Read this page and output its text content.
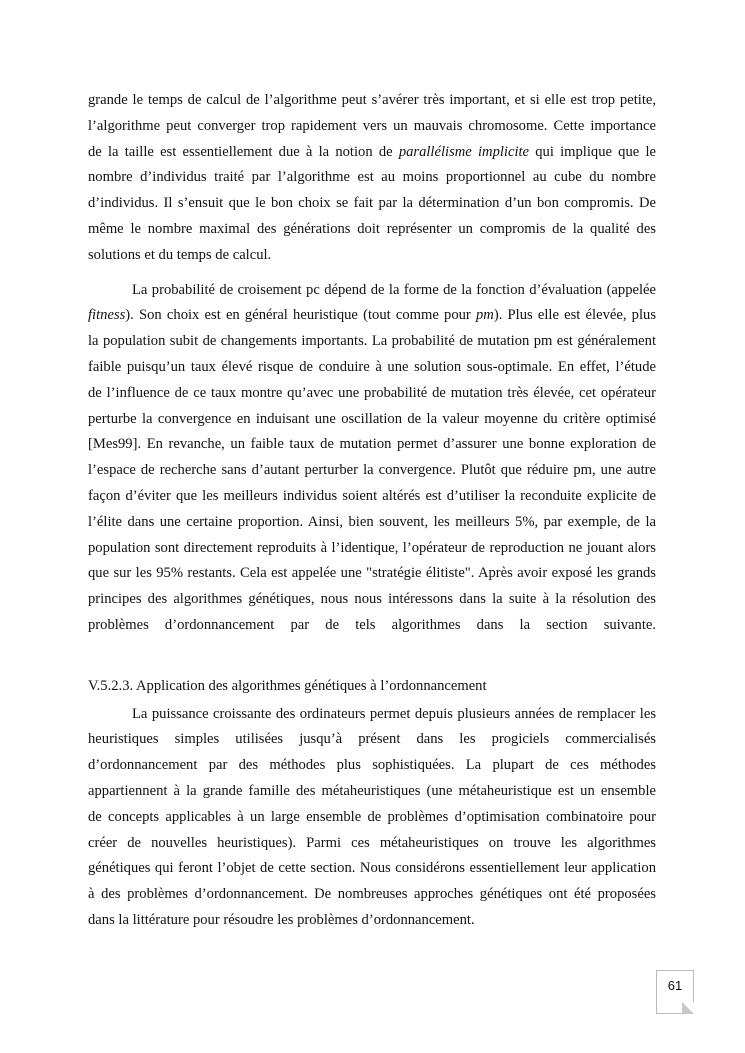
grande le temps de calcul de l’algorithme peut s’avérer très important, et si elle est trop petite,
l’algorithme peut converger trop rapidement vers un mauvais chromosome. Cette importance
de la taille est essentiellement due à la notion de parallélisme implicite qui implique que le
nombre d’individus traité par l’algorithme est au moins proportionnel au cube du nombre
d’individus. Il s’ensuit que le bon choix se fait par la détermination d’un bon compromis. De
même le nombre maximal des générations doit représenter un compromis de la qualité des
solutions et du temps de calcul.
La probabilité de croisement pc dépend de la forme de la fonction d’évaluation (appelée
fitness). Son choix est en général heuristique (tout comme pour pm). Plus elle est élevée, plus
la population subit de changements importants. La probabilité de mutation pm est généralement
faible puisqu’un taux élevé risque de conduire à une solution sous-optimale. En effet, l’étude
de l’influence de ce taux montre qu’avec une probabilité de mutation très élevée, cet opérateur
perturbe la convergence en induisant une oscillation de la valeur moyenne du critère optimisé
[Mes99]. En revanche, un faible taux de mutation permet d’assurer une bonne exploration de
l’espace de recherche sans d’autant perturber la convergence. Plutôt que réduire pm, une autre
façon d’éviter que les meilleurs individus soient altérés est d’utiliser la reconduite explicite de
l’élite dans une certaine proportion. Ainsi, bien souvent, les meilleurs 5%, par exemple, de la
population sont directement reproduits à l’identique, l’opérateur de reproduction ne jouant alors
que sur les 95% restants. Cela est appelée une "stratégie élitiste". Après avoir exposé les grands
principes des algorithmes génétiques, nous nous intéressons dans la suite à la résolution des
problèmes d’ordonnancement par de tels algorithmes dans la section suivante.
V.5.2.3. Application des algorithmes génétiques à l’ordonnancement
La puissance croissante des ordinateurs permet depuis plusieurs années de remplacer les
heuristiques simples utilisées jusqu’à présent dans les progiciels commercialisés
d’ordonnancement par des méthodes plus sophistiquées. La plupart de ces méthodes
appartiennent à la grande famille des métaheuristiques (une métaheuristique est un ensemble
de concepts applicables à un large ensemble de problèmes d’optimisation combinatoire pour
créer de nouvelles heuristiques). Parmi ces métaheuristiques on trouve les algorithmes
génétiques qui feront l’objet de cette section. Nous considérons essentiellement leur application
à des problèmes d’ordonnancement. De nombreuses approches génétiques ont été proposées
dans la littérature pour résoudre les problèmes d’ordonnancement.
61
